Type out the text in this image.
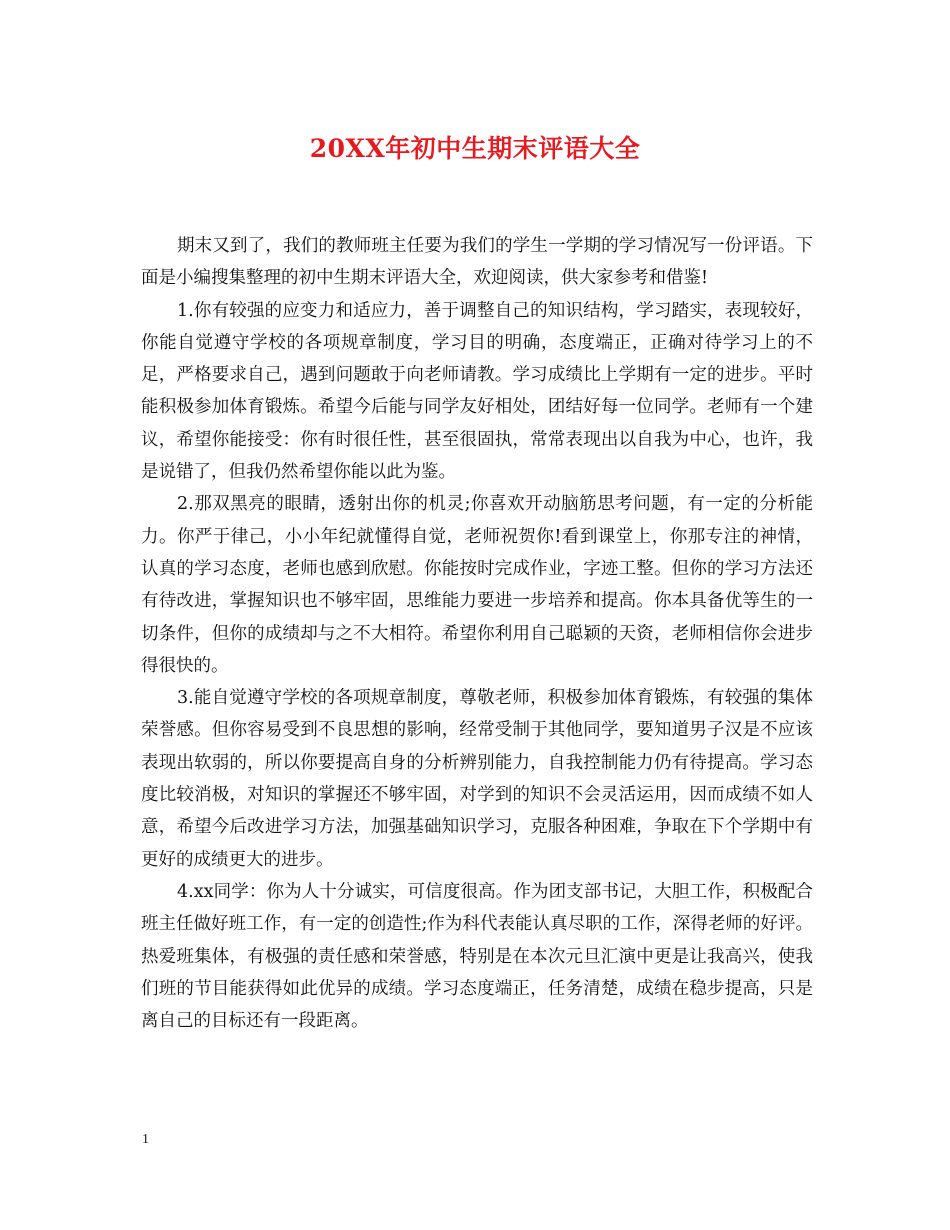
20XX年初中生期末评语大全

期末又到了，我们的教师班主任要为我们的学生一学期的学习情况写一份评语。下面是小编搜集整理的初中生期末评语大全，欢迎阅读，供大家参考和借鉴!

1.你有较强的应变力和适应力，善于调整自己的知识结构，学习踏实，表现较好，你能自觉遵守学校的各项规章制度，学习目的明确，态度端正，正确对待学习上的不足，严格要求自己，遇到问题敢于向老师请教。学习成绩比上学期有一定的进步。平时能积极参加体育锻炼。希望今后能与同学友好相处，团结好每一位同学。老师有一个建议，希望你能接受：你有时很任性，甚至很固执，常常表现出以自我为中心，也许，我是说错了，但我仍然希望你能以此为鉴。

2.那双黑亮的眼睛，透射出你的机灵;你喜欢开动脑筋思考问题，有一定的分析能力。你严于律己，小小年纪就懂得自觉，老师祝贺你!看到课堂上，你那专注的神情，认真的学习态度，老师也感到欣慰。你能按时完成作业，字迹工整。但你的学习方法还有待改进，掌握知识也不够牢固，思维能力要进一步培养和提高。你本具备优等生的一切条件，但你的成绩却与之不大相符。希望你利用自己聪颖的天资，老师相信你会进步得很快的。

3.能自觉遵守学校的各项规章制度，尊敬老师，积极参加体育锻炼，有较强的集体荣誉感。但你容易受到不良思想的影响，经常受制于其他同学，要知道男子汉是不应该表现出软弱的，所以你要提高自身的分析辨别能力，自我控制能力仍有待提高。学习态度比较消极，对知识的掌握还不够牢固，对学到的知识不会灵活运用，因而成绩不如人意，希望今后改进学习方法，加强基础知识学习，克服各种困难，争取在下个学期中有更好的成绩更大的进步。

4.xx同学：你为人十分诚实，可信度很高。作为团支部书记，大胆工作，积极配合班主任做好班工作，有一定的创造性;作为科代表能认真尽职的工作，深得老师的好评。热爱班集体，有极强的责任感和荣誉感，特别是在本次元旦汇演中更是让我高兴，使我们班的节目能获得如此优异的成绩。学习态度端正，任务清楚，成绩在稳步提高，只是离自己的目标还有一段距离。

1
